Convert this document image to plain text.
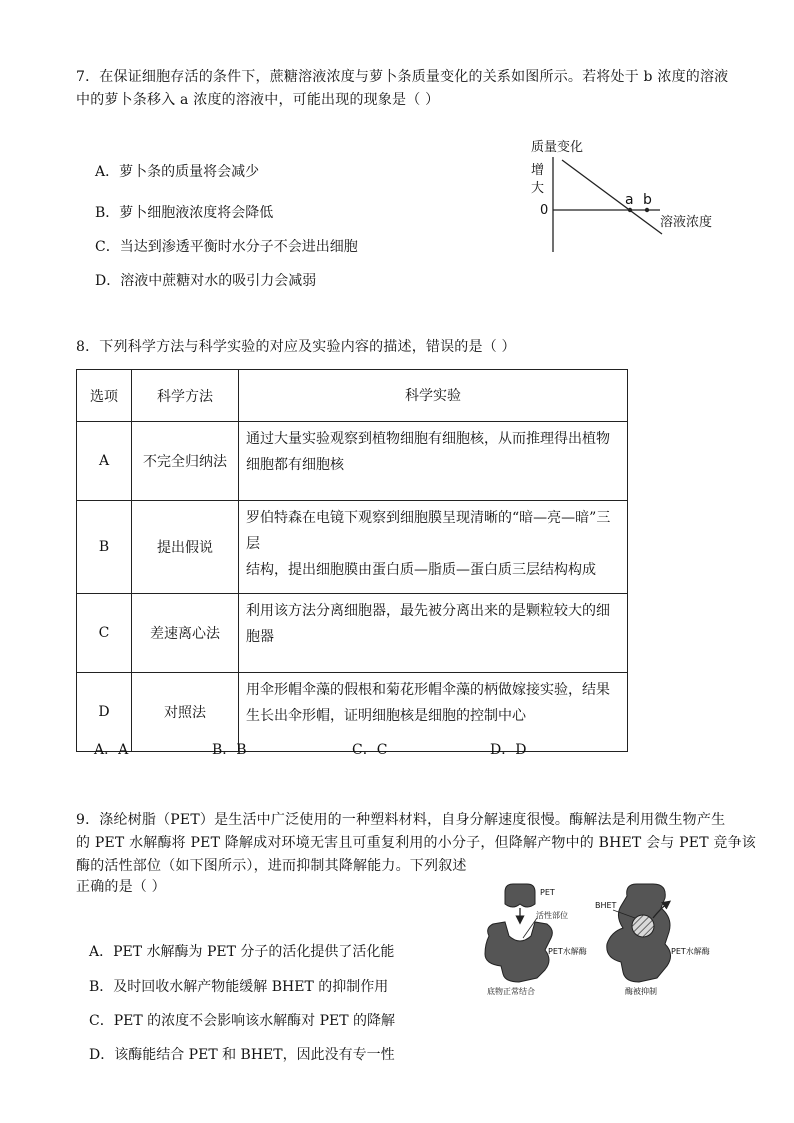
7．在保证细胞存活的条件下，蔗糖溶液浓度与萝卜条质量变化的关系如图所示。若将处于 b 浓度的溶液
中的萝卜条移入 a 浓度的溶液中，可能出现的现象是（ ）
A．萝卜条的质量将会减少
B．萝卜细胞液浓度将会降低
C．当达到渗透平衡时水分子不会进出细胞
D．溶液中蔗糖对水的吸引力会减弱
质量变化
增
大
0
a b
溶液浓度
8．下列科学方法与科学实验的对应及实验内容的描述，错误的是（ ）
选项	科学方法	科学实验
A	不完全归纳法	通过大量实验观察到植物细胞有细胞核，从而推理得出植物
细胞都有细胞核

B	提出假说	罗伯特森在电镜下观察到细胞膜呈现清晰的“暗—亮—暗”三层
结构，提出细胞膜由蛋白质—脂质—蛋白质三层结构构成

C	差速离心法	利用该方法分离细胞器，最先被分离出来的是颗粒较大的细
胞器

D	对照法	用伞形帽伞藻的假根和菊花形帽伞藻的柄做嫁接实验，结果
生长出伞形帽，证明细胞核是细胞的控制中心
A．A	B．B	C．C	D．D
9．涤纶树脂（PET）是生活中广泛使用的一种塑料材料，自身分解速度很慢。酶解法是利用微生物产生
的 PET 水解酶将 PET 降解成对环境无害且可重复利用的小分子，但降解产物中的 BHET 会与 PET 竞争该
酶的活性部位（如下图所示），进而抑制其降解能力。下列叙述
正确的是（ ）
A．PET 水解酶为 PET 分子的活化提供了活化能
B．及时回收水解产物能缓解 BHET 的抑制作用
C．PET 的浓度不会影响该水解酶对 PET 的降解
D．该酶能结合 PET 和 BHET，因此没有专一性
PET
活性部位
PET水解酶
底物正常结合
BHET
PET水解酶
酶被抑制
